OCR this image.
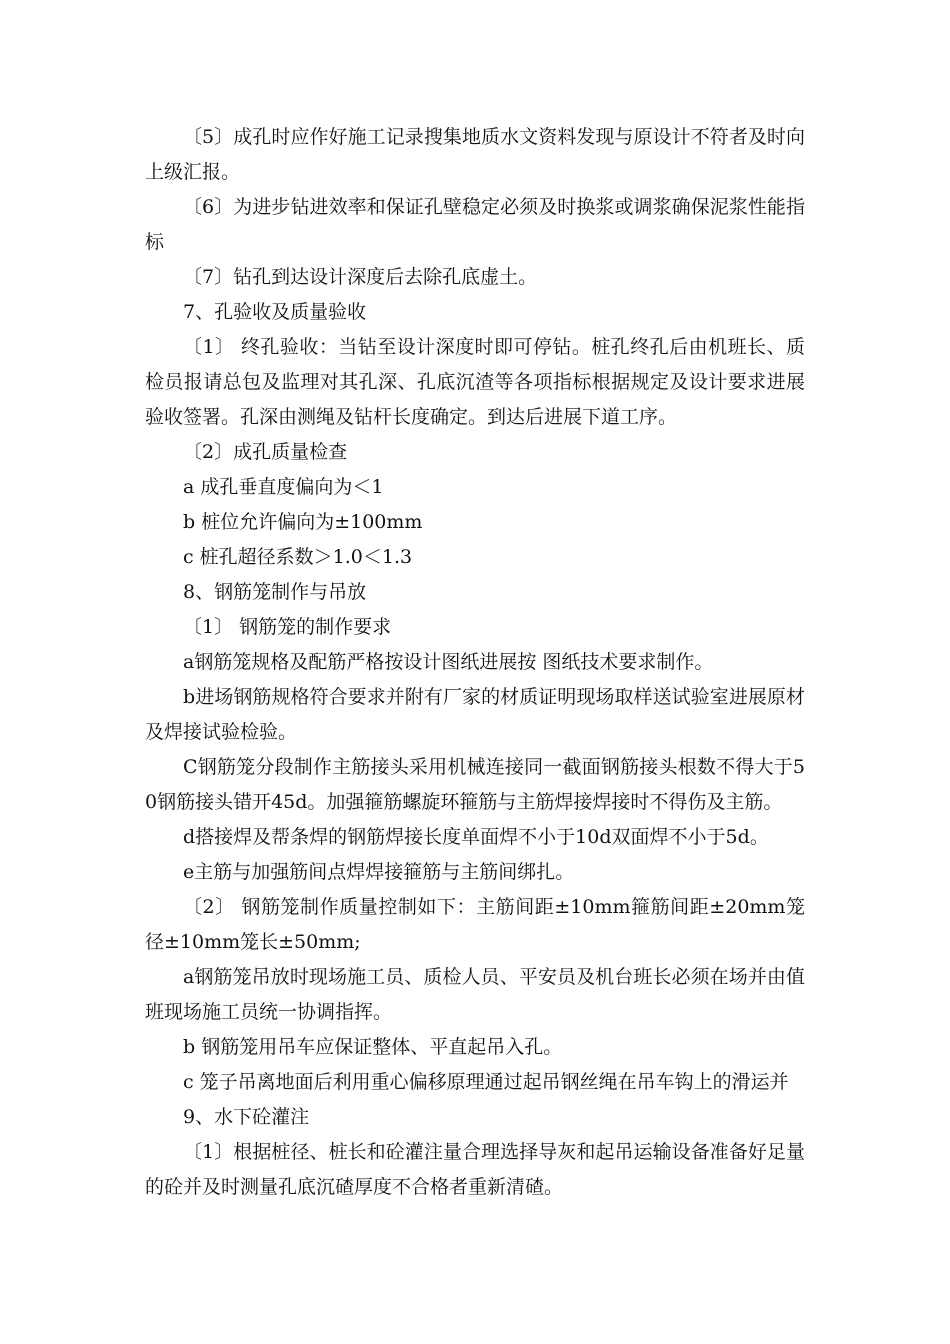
〔5〕成孔时应作好施工记录搜集地质水文资料发现与原设计不符者及时向上级汇报。

〔6〕为进步钻进效率和保证孔壁稳定必须及时换浆或调浆确保泥浆性能指标

〔7〕钻孔到达设计深度后去除孔底虚土。

7、孔验收及质量验收

〔1〕 终孔验收：当钻至设计深度时即可停钻。桩孔终孔后由机班长、质检员报请总包及监理对其孔深、孔底沉渣等各项指标根据规定及设计要求进展验收签署。孔深由测绳及钻杆长度确定。到达后进展下道工序。

〔2〕成孔质量检查

a 成孔垂直度偏向为＜1

b 桩位允许偏向为±100mm

c 桩孔超径系数＞1.0＜1.3

8、钢筋笼制作与吊放

〔1〕 钢筋笼的制作要求

a钢筋笼规格及配筋严格按设计图纸进展按 图纸技术要求制作。

b进场钢筋规格符合要求并附有厂家的材质证明现场取样送试验室进展原材及焊接试验检验。

C钢筋笼分段制作主筋接头采用机械连接同一截面钢筋接头根数不得大于50钢筋接头错开45d。加强箍筋螺旋环箍筋与主筋焊接焊接时不得伤及主筋。

d搭接焊及帮条焊的钢筋焊接长度单面焊不小于10d双面焊不小于5d。

e主筋与加强筋间点焊焊接箍筋与主筋间绑扎。

〔2〕 钢筋笼制作质量控制如下：主筋间距±10mm箍筋间距±20mm笼径±10mm笼长±50mm;

a钢筋笼吊放时现场施工员、质检人员、平安员及机台班长必须在场并由值班现场施工员统一协调指挥。

b 钢筋笼用吊车应保证整体、平直起吊入孔。

c 笼子吊离地面后利用重心偏移原理通过起吊钢丝绳在吊车钩上的滑运并

9、水下砼灌注

〔1〕根据桩径、桩长和砼灌注量合理选择导灰和起吊运输设备准备好足量的砼并及时测量孔底沉碴厚度不合格者重新清碴。
